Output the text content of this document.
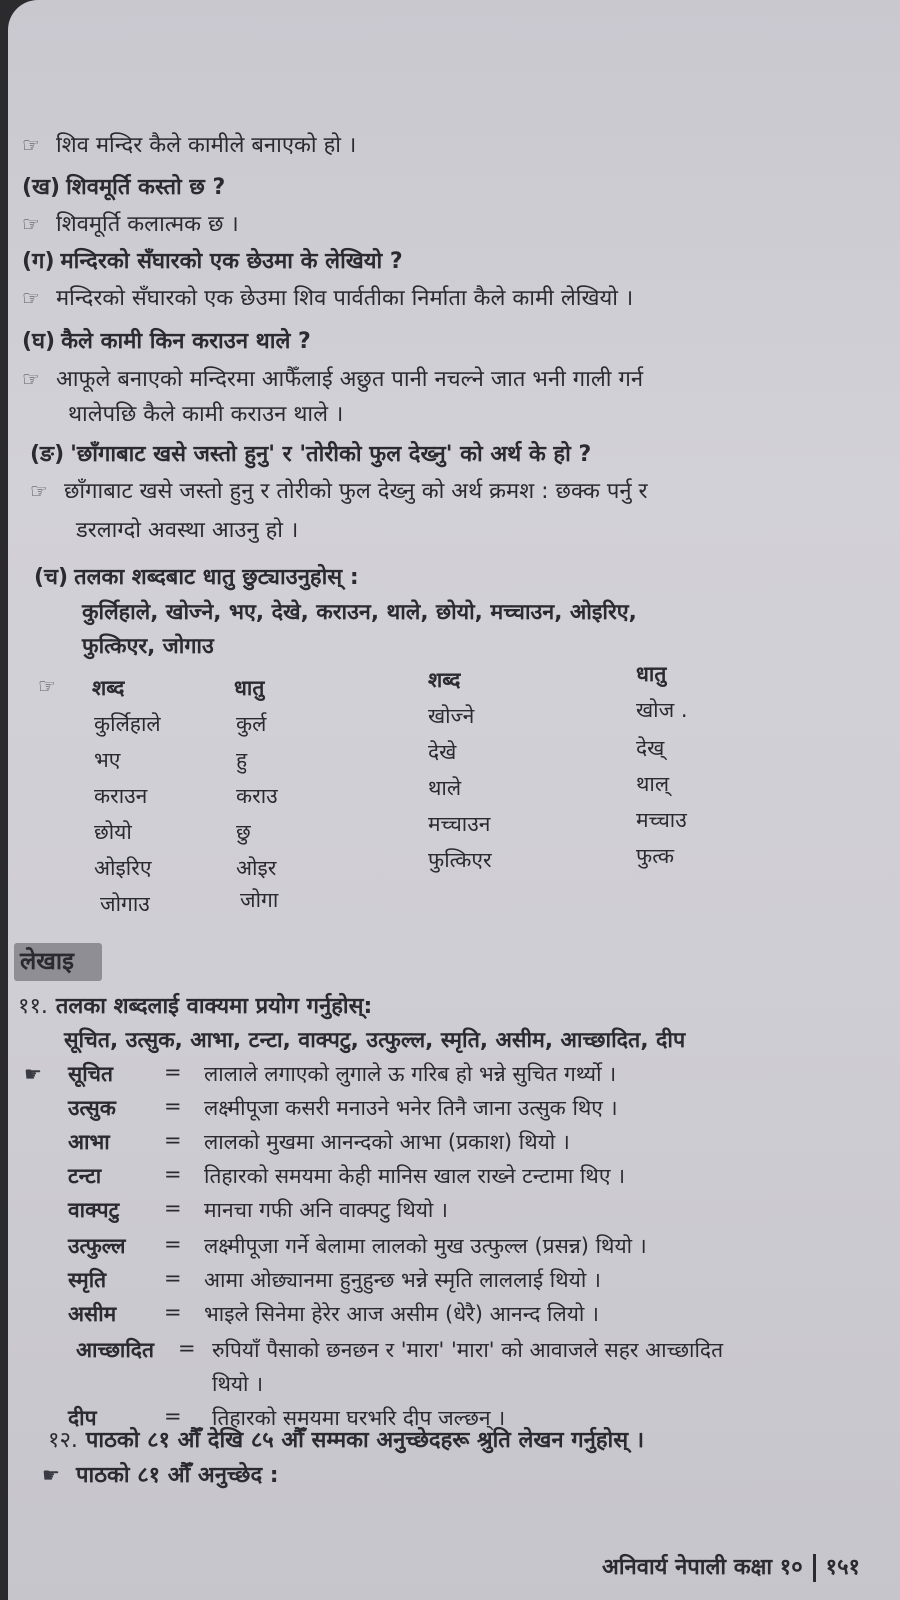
☞ शिव मन्दिर कैले कामीले बनाएको हो ।
(ख) शिवमूर्ति कस्तो छ ?
☞ शिवमूर्ति कलात्मक छ ।
(ग) मन्दिरको सँघारको एक छेउमा के लेखियो ?
☞ मन्दिरको सँघारको एक छेउमा शिव पार्वतीका निर्माता कैले कामी लेखियो ।
(घ) कैले कामी किन कराउन थाले ?
☞ आफूले बनाएको मन्दिरमा आफैँलाई अछुत पानी नचल्ने जात भनी गाली गर्न
थालेपछि कैले कामी कराउन थाले ।
(ङ) 'छाँगाबाट खसे जस्तो हुनु' र 'तोरीको फुल देख्नु' को अर्थ के हो ?
☞ छाँगाबाट खसे जस्तो हुनु र तोरीको फुल देख्नु को अर्थ क्रमश : छक्क पर्नु र
डरलाग्दो अवस्था आउनु हो ।
(च) तलका शब्दबाट धातु छुट्याउनुहोस् :
कुर्लिहाले, खोज्ने, भए, देखे, कराउन, थाले, छोयो, मच्चाउन, ओइरिए,
फुत्किएर, जोगाउ
☞	शब्द	धातु	शब्द	धातु
कुर्लिहाले	कुर्ल
भए	हु
कराउन	कराउ
छोयो	छु
ओइरिए	ओइर
जोगाउ	जोगा
खोज्ने	खोज .
देखे	देख्
थाले	थाल्
मच्चाउन	मच्चाउ
फुत्किएर	फुत्क
लेखाइ
११. तलका शब्दलाई वाक्यमा प्रयोग गर्नुहोस्:
सूचित, उत्सुक, आभा, टन्टा, वाक्पटु, उत्फुल्ल, स्मृति, असीम, आच्छादित, दीप
☛	सूचित	= लालाले लगाएको लुगाले ऊ गरिब हो भन्ने सुचित गर्थ्यो ।
उत्सुक	= लक्ष्मीपूजा कसरी मनाउने भनेर तिनै जाना उत्सुक थिए ।
आभा	= लालको मुखमा आनन्दको आभा (प्रकाश) थियो ।
टन्टा	= तिहारको समयमा केही मानिस खाल राख्ने टन्टामा थिए ।
वाक्पटु	= मानचा गफी अनि वाक्पटु थियो ।
उत्फुल्ल	= लक्ष्मीपूजा गर्ने बेलामा लालको मुख उत्फुल्ल (प्रसन्न) थियो ।
स्मृति	= आमा ओछ्यानमा हुनुहुन्छ भन्ने स्मृति लाललाई थियो ।
असीम	= भाइले सिनेमा हेरेर आज असीम (धेरै) आनन्द लियो ।
आच्छादित	= रुपियाँ पैसाको छनछन र 'मारा' 'मारा' को आवाजले सहर आच्छादित
थियो ।
दीप	= तिहारको समयमा घरभरि दीप जल्छन् ।
१२. पाठको ८१ औँ देखि ८५ औँ सम्मका अनुच्छेदहरू श्रुति लेखन गर्नुहोस् ।
☛ पाठको ८१ औँ अनुच्छेद :
अनिवार्य नेपाली कक्षा १० १५१
